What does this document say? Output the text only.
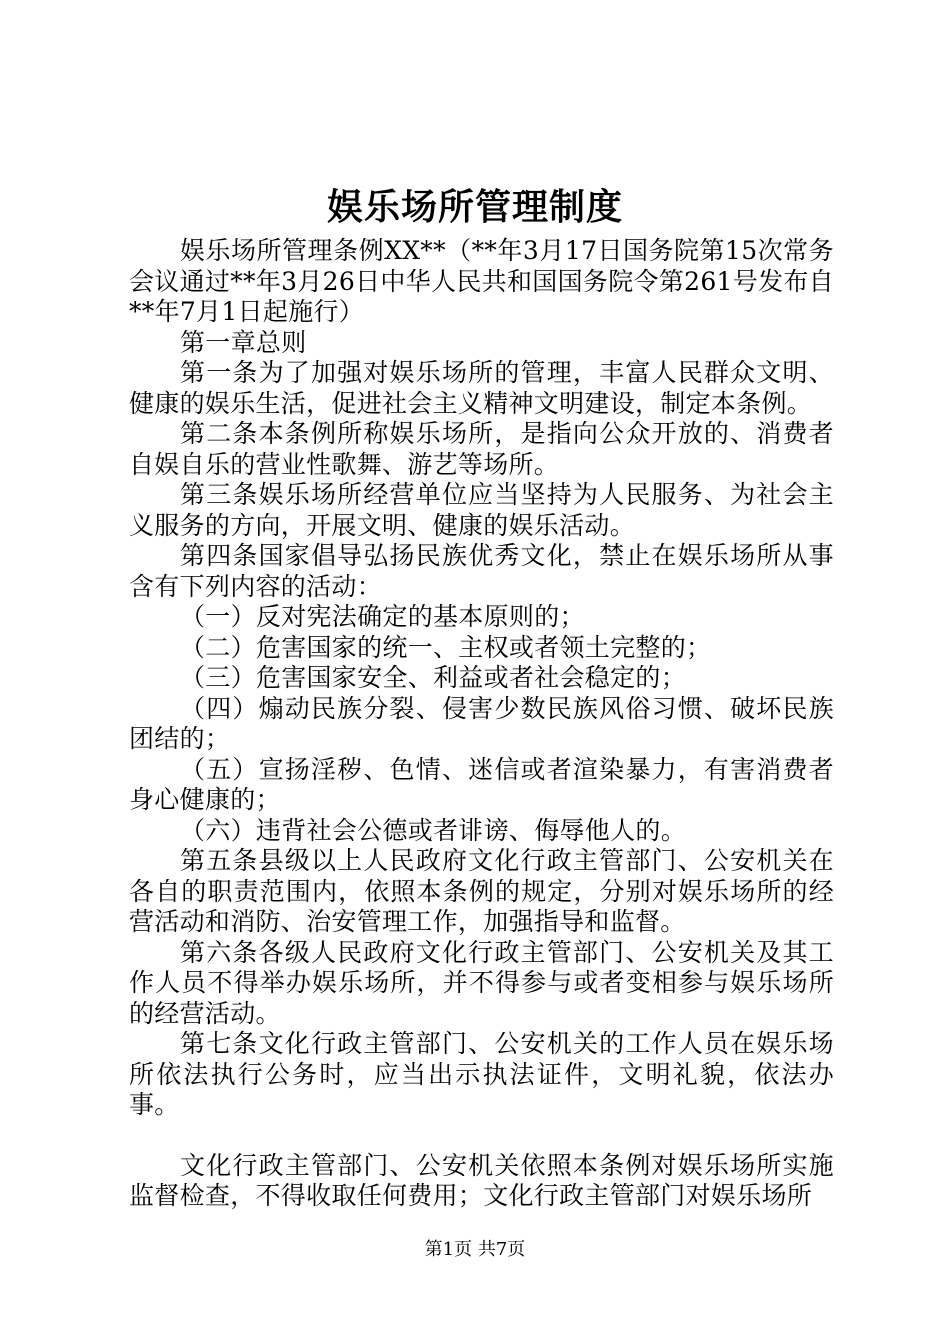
娱乐场所管理制度

娱乐场所管理条例XX**（**年3月17日国务院第15次常务会议通过**年3月26日中华人民共和国国务院令第261号发布自**年7月1日起施行）

第一章总则

第一条为了加强对娱乐场所的管理，丰富人民群众文明、健康的娱乐生活，促进社会主义精神文明建设，制定本条例。

第二条本条例所称娱乐场所，是指向公众开放的、消费者自娱自乐的营业性歌舞、游艺等场所。

第三条娱乐场所经营单位应当坚持为人民服务、为社会主义服务的方向，开展文明、健康的娱乐活动。

第四条国家倡导弘扬民族优秀文化，禁止在娱乐场所从事含有下列内容的活动：

（一）反对宪法确定的基本原则的；

（二）危害国家的统一、主权或者领土完整的；

（三）危害国家安全、利益或者社会稳定的；

（四）煽动民族分裂、侵害少数民族风俗习惯、破坏民族团结的；

（五）宣扬淫秽、色情、迷信或者渲染暴力，有害消费者身心健康的；

（六）违背社会公德或者诽谤、侮辱他人的。

第五条县级以上人民政府文化行政主管部门、公安机关在各自的职责范围内，依照本条例的规定，分别对娱乐场所的经营活动和消防、治安管理工作，加强指导和监督。

第六条各级人民政府文化行政主管部门、公安机关及其工作人员不得举办娱乐场所，并不得参与或者变相参与娱乐场所的经营活动。

第七条文化行政主管部门、公安机关的工作人员在娱乐场所依法执行公务时，应当出示执法证件，文明礼貌，依法办事。

文化行政主管部门、公安机关依照本条例对娱乐场所实施监督检查，不得收取任何费用；文化行政主管部门对娱乐场所

第1页 共7页
